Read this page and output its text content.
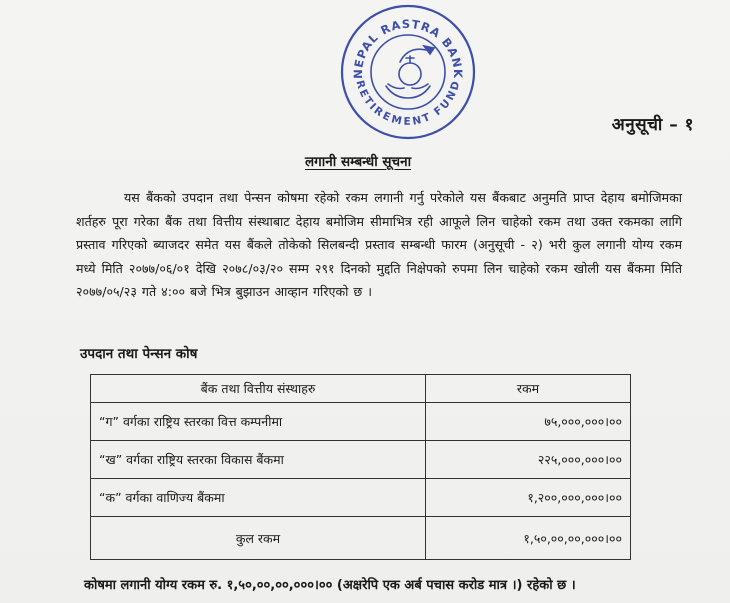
NEPAL RASTRA BANK
RETIREMENT FUND
अनुसूची – १
लगानी सम्बन्धी सूचना

यस बैंकको उपदान तथा पेन्सन कोषमा रहेको रकम लगानी गर्नु परेकोले यस बैंकबाट अनुमति प्राप्त देहाय बमोजिमका शर्तहरु पूरा गरेका बैंक तथा वित्तीय संस्थाबाट देहाय बमोजिम सीमाभित्र रही आफूले लिन चाहेको रकम तथा उक्त रकमका लागि प्रस्ताव गरिएको ब्याजदर समेत यस बैंकले तोकेको सिलबन्दी प्रस्ताव सम्बन्धी फारम (अनुसूची - २) भरी कुल लगानी योग्य रकम मध्ये मिति २०७७/०६/०१ देखि २०७८/०३/२० सम्म २९१ दिनको मुद्दति निक्षेपको रुपमा लिन चाहेको रकम खोली यस बैंकमा मिति २०७७/०५/२३ गते ४:०० बजे भित्र बुझाउन आव्हान गरिएको छ ।

उपदान तथा पेन्सन कोष
बैंक तथा वित्तीय संस्थाहरु	रकम
“ग” वर्गका राष्ट्रिय स्तरका वित्त कम्पनीमा	७५,०००,०००।००
“ख” वर्गका राष्ट्रिय स्तरका विकास बैंकमा	२२५,०००,०००।००
“क” वर्गका वाणिज्य बैंकमा	१,२००,०००,०००।००
कुल रकम	१,५०,००,००,०००।००
कोषमा लगानी योग्य रकम रु. १,५०,००,००,०००।०० (अक्षरेपि एक अर्ब पचास करोड मात्र ।) रहेको छ ।
